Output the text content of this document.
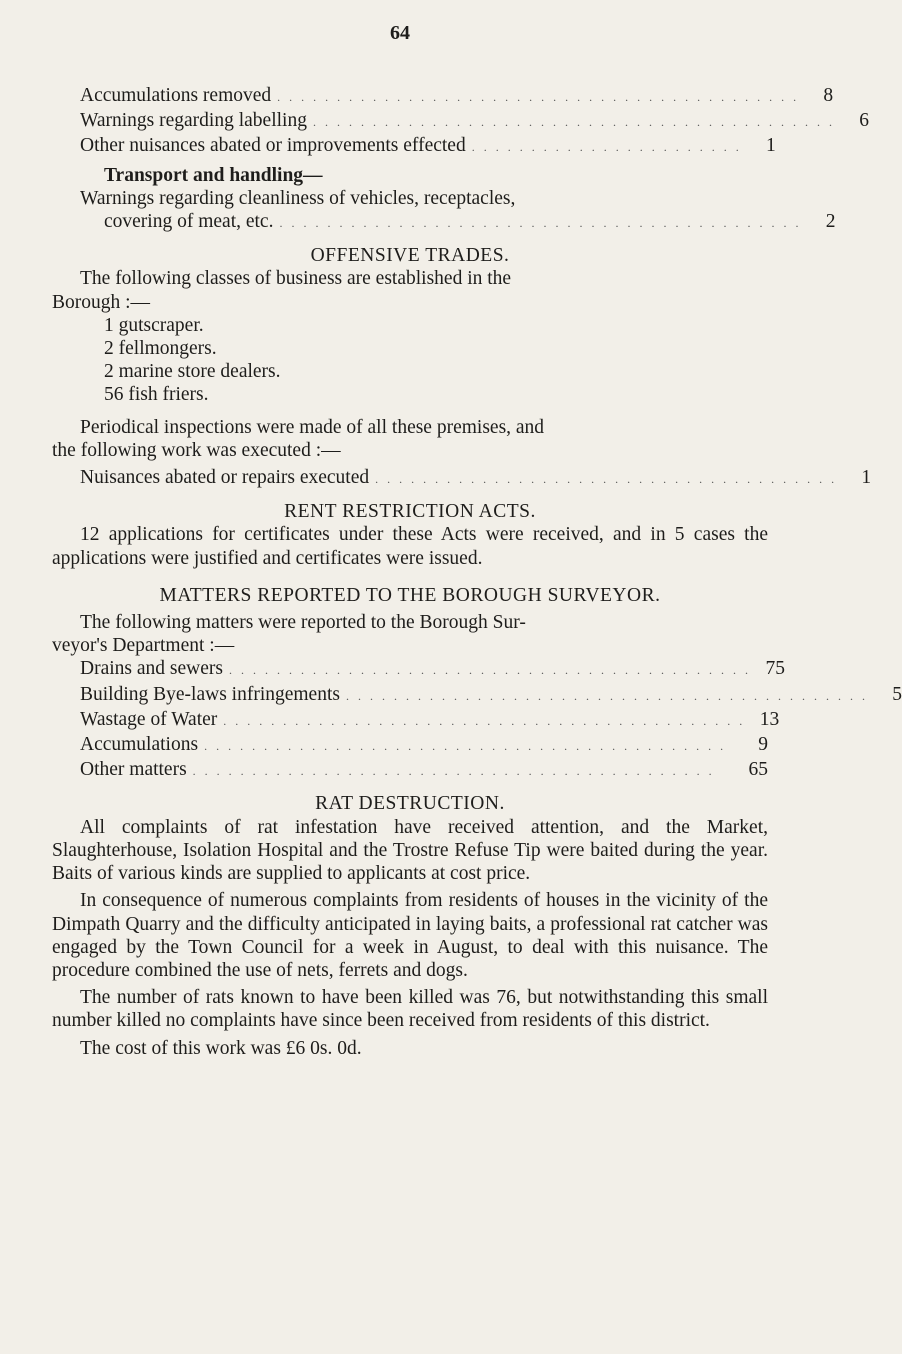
64
Accumulations removed . . . . . . . . . . . . . . . . . . . . . . . . . . . . . . . . . . . . . . . . . . . .	8
Warnings regarding labelling . . . . . . . . . . . . . . . . . . . . . . . . . . . . . . . . . . . . . . . . . . . .	6
Other nuisances abated or improvements effected . . . . . . . . . . . . . . . . . . . . . . .	1
Transport and handling—
Warnings regarding cleanliness of vehicles, receptacles,
covering of meat, etc. . . . . . . . . . . . . . . . . . . . . . . . . . . . . . . . . . . . . . . . . . . . .	2
OFFENSIVE TRADES.
The following classes of business are established in the
Borough :—
1 gutscraper.
2 fellmongers.
2 marine store dealers.
56 fish friers.
Periodical inspections were made of all these premises, and
the following work was executed :—
Nuisances abated or repairs executed . . . . . . . . . . . . . . . . . . . . . . . . . . . . . . . . . . . . . . .	1
RENT RESTRICTION ACTS.

12 applications for certificates under these Acts were received, and in 5 cases the applications were justified and certificates were issued.

MATTERS REPORTED TO THE BOROUGH SURVEYOR.
The following matters were reported to the Borough Sur-
veyor's Department :—
Drains and sewers . . . . . . . . . . . . . . . . . . . . . . . . . . . . . . . . . . . . . . . . . . . . 75
Building Bye-laws infringements . . . . . . . . . . . . . . . . . . . . . . . . . . . . . . . . . . . . . . . . . . . .	5
Wastage of Water . . . . . . . . . . . . . . . . . . . . . . . . . . . . . . . . . . . . . . . . . . . . 13
Accumulations . . . . . . . . . . . . . . . . . . . . . . . . . . . . . . . . . . . . . . . . . . . .	9
Other matters . . . . . . . . . . . . . . . . . . . . . . . . . . . . . . . . . . . . . . . . . . . .	65
RAT DESTRUCTION.

All complaints of rat infestation have received attention, and the Market, Slaughterhouse, Isolation Hospital and the Trostre Refuse Tip were baited during the year. Baits of various kinds are supplied to applicants at cost price.

In consequence of numerous complaints from residents of houses in the vicinity of the Dimpath Quarry and the difficulty anticipated in laying baits, a professional rat catcher was engaged by the Town Council for a week in August, to deal with this nuisance. The procedure combined the use of nets, ferrets and dogs.

The number of rats known to have been killed was 76, but notwithstanding this small number killed no complaints have since been received from residents of this district.

The cost of this work was £6 0s. 0d.
